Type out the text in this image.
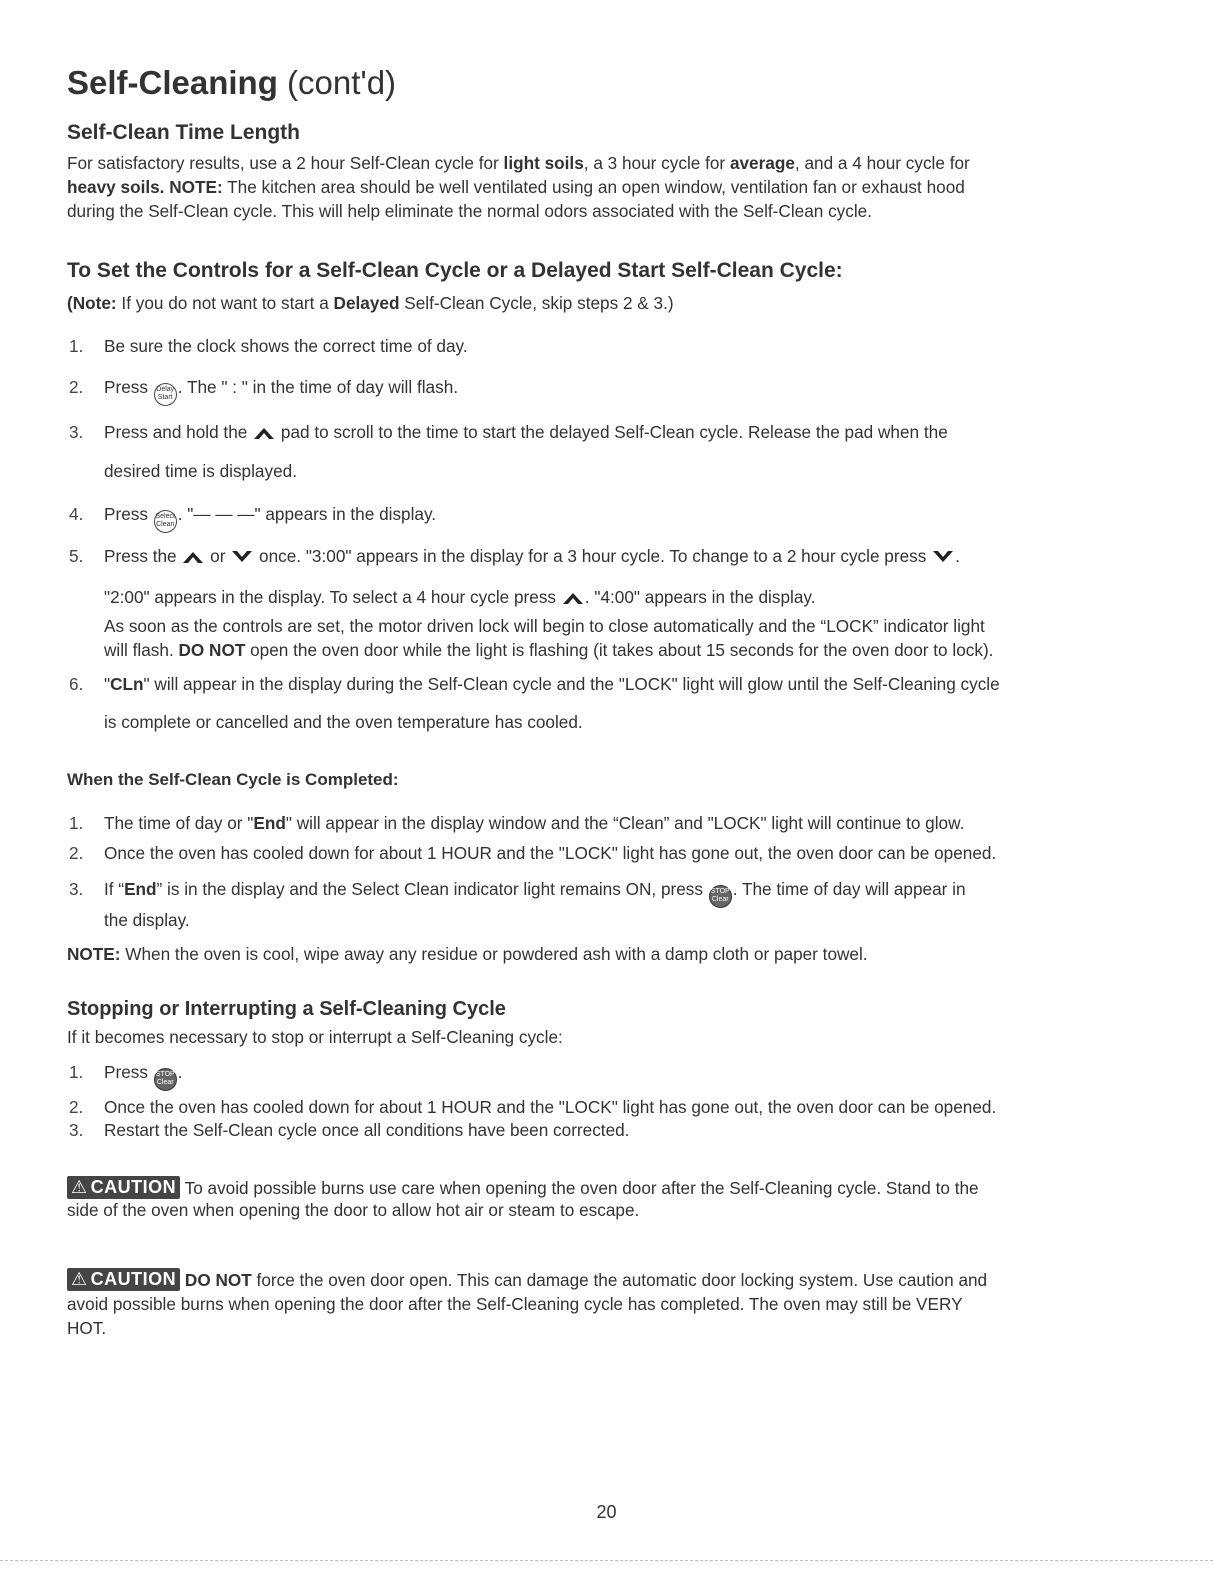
Self-Cleaning (cont'd)
Self-Clean Time Length
For satisfactory results, use a 2 hour Self-Clean cycle for light soils, a 3 hour cycle for average, and a 4 hour cycle for
heavy soils. NOTE: The kitchen area should be well ventilated using an open window, ventilation fan or exhaust hood
during the Self-Clean cycle. This will help eliminate the normal odors associated with the Self-Clean cycle.
To Set the Controls for a Self-Clean Cycle or a Delayed Start Self-Clean Cycle:
(Note: If you do not want to start a Delayed Self-Clean Cycle, skip steps 2 & 3.)
1.	Be sure the clock shows the correct time of day.
2.	Press Delay
Start. The " : " in the time of day will flash.
3.	Press and hold the  pad to scroll to the time to start the delayed Self-Clean cycle. Release the pad when the
desired time is displayed.
4.	Press Select
Clean. "— — —" appears in the display.
5.	Press the  or  once. "3:00" appears in the display for a 3 hour cycle. To change to a 2 hour cycle press .
"2:00" appears in the display. To select a 4 hour cycle press . "4:00" appears in the display.
As soon as the controls are set, the motor driven lock will begin to close automatically and the “LOCK” indicator light
will flash. DO NOT open the oven door while the light is flashing (it takes about 15 seconds for the oven door to lock).
6.	"CLn" will appear in the display during the Self-Clean cycle and the "LOCK" light will glow until the Self-Cleaning cycle
is complete or cancelled and the oven temperature has cooled.
When the Self-Clean Cycle is Completed:
1.	The time of day or "End" will appear in the display window and the “Clean” and "LOCK" light will continue to glow.
2.	Once the oven has cooled down for about 1 HOUR and the "LOCK" light has gone out, the oven door can be opened.
3.	If “End” is in the display and the Select Clean indicator light remains ON, press STOP
Clear. The time of day will appear in
the display.
NOTE: When the oven is cool, wipe away any residue or powdered ash with a damp cloth or paper towel.
Stopping or Interrupting a Self-Cleaning Cycle
If it becomes necessary to stop or interrupt a Self-Cleaning cycle:
1.	Press STOP
Clear.
2.	Once the oven has cooled down for about 1 HOUR and the "LOCK" light has gone out, the oven door can be opened.
3.	Restart the Self-Clean cycle once all conditions have been corrected.
⚠ CAUTION To avoid possible burns use care when opening the oven door after the Self-Cleaning cycle. Stand to the
side of the oven when opening the door to allow hot air or steam to escape.
⚠ CAUTION DO NOT force the oven door open. This can damage the automatic door locking system. Use caution and
avoid possible burns when opening the door after the Self-Cleaning cycle has completed. The oven may still be VERY
HOT.
20
